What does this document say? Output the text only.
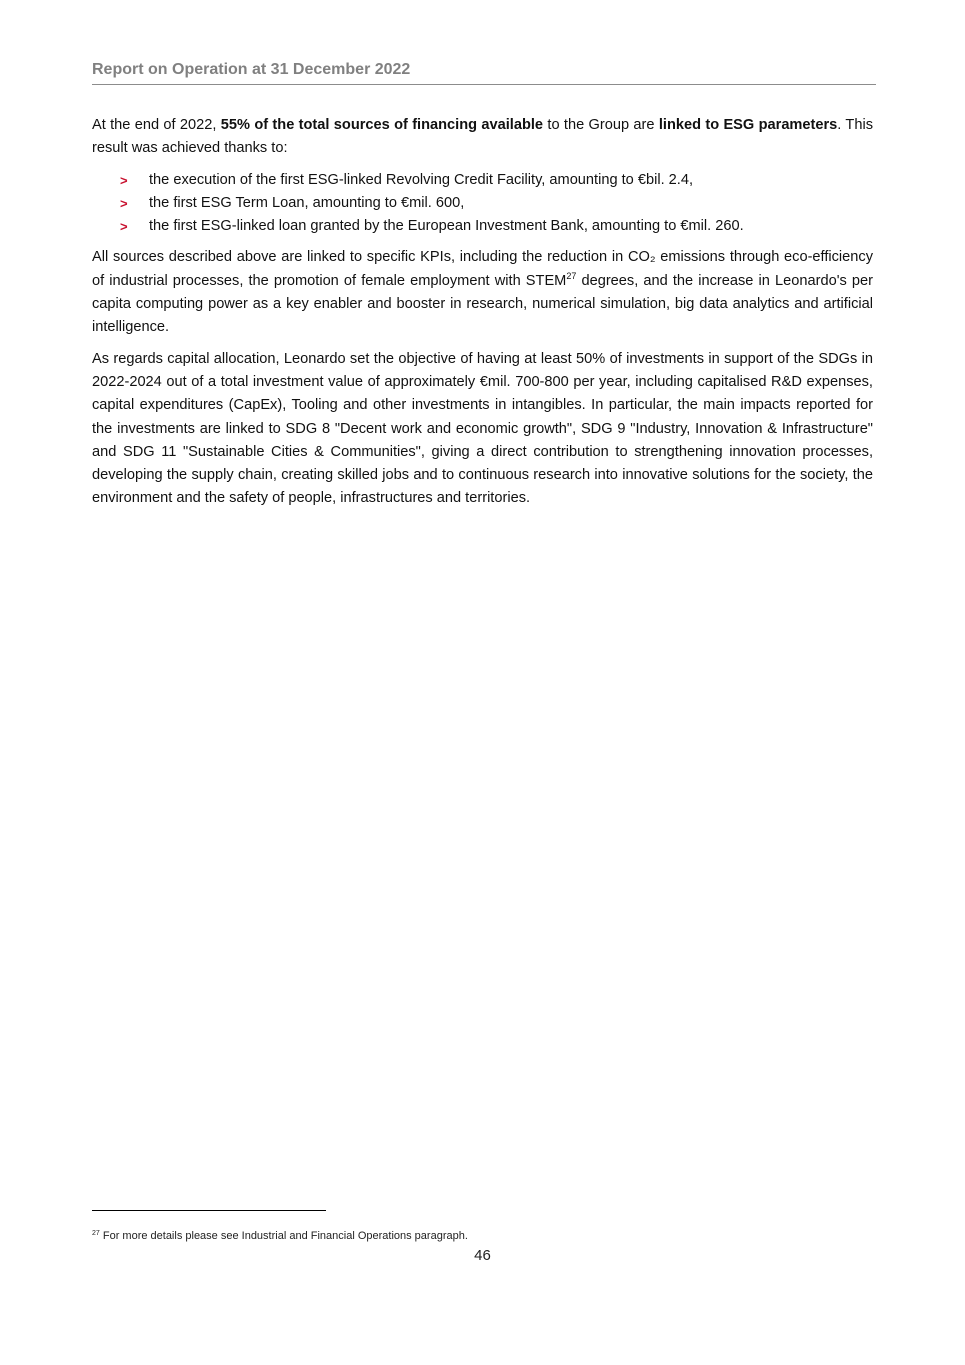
Report on Operation at 31 December 2022

At the end of 2022, 55% of the total sources of financing available to the Group are linked to ESG parameters. This result was achieved thanks to:

> the execution of the first ESG-linked Revolving Credit Facility, amounting to €bil. 2.4,
> the first ESG Term Loan, amounting to €mil. 600,
> the first ESG-linked loan granted by the European Investment Bank, amounting to €mil. 260.

All sources described above are linked to specific KPIs, including the reduction in CO₂ emissions through eco-efficiency of industrial processes, the promotion of female employment with STEM$^{27}$ degrees, and the increase in Leonardo's per capita computing power as a key enabler and booster in research, numerical simulation, big data analytics and artificial intelligence.

As regards capital allocation, Leonardo set the objective of having at least 50% of investments in support of the SDGs in 2022-2024 out of a total investment value of approximately €mil. 700-800 per year, including capitalised R&D expenses, capital expenditures (CapEx), Tooling and other investments in intangibles. In particular, the main impacts reported for the investments are linked to SDG 8 "Decent work and economic growth", SDG 9 "Industry, Innovation & Infrastructure" and SDG 11 "Sustainable Cities & Communities", giving a direct contribution to strengthening innovation processes, developing the supply chain, creating skilled jobs and to continuous research into innovative solutions for the society, the environment and the safety of people, infrastructures and territories.

$^{27}$ For more details please see Industrial and Financial Operations paragraph.
46
